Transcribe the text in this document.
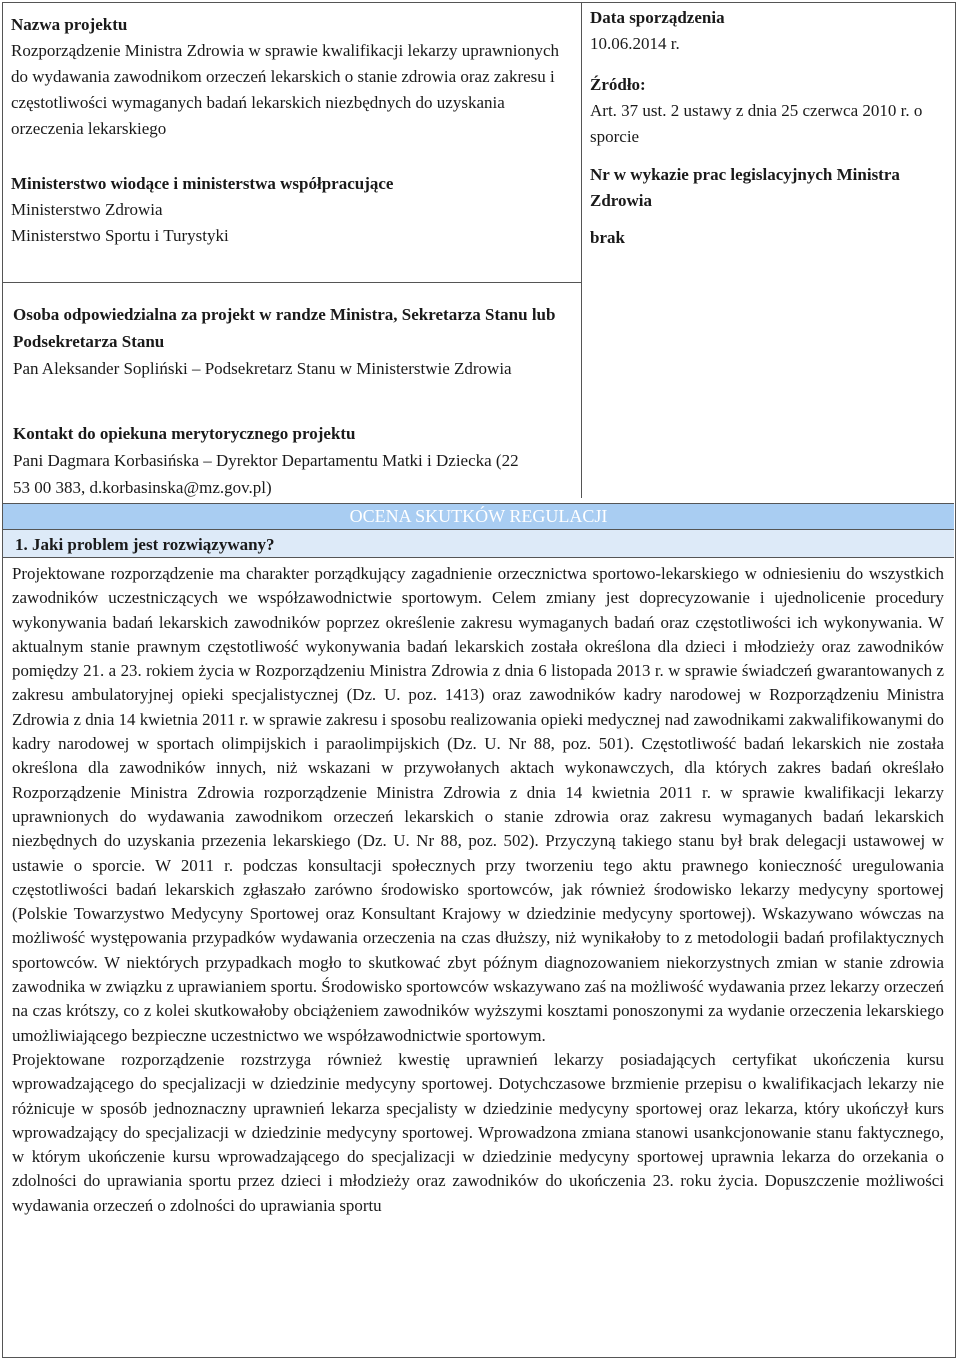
Nazwa projektu
Rozporządzenie Ministra Zdrowia w sprawie kwalifikacji lekarzy uprawnionych do wydawania zawodnikom orzeczeń lekarskich o stanie zdrowia oraz zakresu i częstotliwości wymaganych badań lekarskich niezbędnych do uzyskania orzeczenia lekarskiego
Ministerstwo wiodące i ministerstwa współpracujące
Ministerstwo Zdrowia
Ministerstwo Sportu i Turystyki
Data sporządzenia
10.06.2014 r.
Źródło:
Art. 37 ust. 2 ustawy z dnia 25 czerwca 2010 r. o sporcie
Nr w wykazie prac legislacyjnych Ministra Zdrowia
brak
Osoba odpowiedzialna za projekt w randze Ministra, Sekretarza Stanu lub Podsekretarza Stanu
Pan Aleksander Sopliński – Podsekretarz Stanu w Ministerstwie Zdrowia
Kontakt do opiekuna merytorycznego projektu
Pani Dagmara Korbasińska – Dyrektor Departamentu Matki i Dziecka (22 53 00 383, d.korbasinska@mz.gov.pl)
OCENA SKUTKÓW REGULACJI
1. Jaki problem jest rozwiązywany?

Projektowane rozporządzenie ma charakter porządkujący zagadnienie orzecznictwa sportowo-lekarskiego w odniesieniu do wszystkich zawodników uczestniczących we współzawodnictwie sportowym. Celem zmiany jest doprecyzowanie i ujednolicenie procedury wykonywania badań lekarskich zawodników poprzez określenie zakresu wymaganych badań oraz częstotliwości ich wykonywania. W aktualnym stanie prawnym częstotliwość wykonywania badań lekarskich została określona dla dzieci i młodzieży oraz zawodników pomiędzy 21. a 23. rokiem życia w Rozporządzeniu Ministra Zdrowia z dnia 6 listopada 2013 r. w sprawie świadczeń gwarantowanych z zakresu ambulatoryjnej opieki specjalistycznej (Dz. U. poz. 1413) oraz zawodników kadry narodowej w Rozporządzeniu Ministra Zdrowia z dnia 14 kwietnia 2011 r. w sprawie zakresu i sposobu realizowania opieki medycznej nad zawodnikami zakwalifikowanymi do kadry narodowej w sportach olimpijskich i paraolimpijskich (Dz. U. Nr 88, poz. 501). Częstotliwość badań lekarskich nie została określona dla zawodników innych, niż wskazani w przywołanych aktach wykonawczych, dla których zakres badań określało Rozporządzenie Ministra Zdrowia rozporządzenie Ministra Zdrowia z dnia 14 kwietnia 2011 r. w sprawie kwalifikacji lekarzy uprawnionych do wydawania zawodnikom orzeczeń lekarskich o stanie zdrowia oraz zakresu wymaganych badań lekarskich niezbędnych do uzyskania przezenia lekarskiego (Dz. U. Nr 88, poz. 502). Przyczyną takiego stanu był brak delegacji ustawowej w ustawie o sporcie. W 2011 r. podczas konsultacji społecznych przy tworzeniu tego aktu prawnego konieczność uregulowania częstotliwości badań lekarskich zgłaszało zarówno środowisko sportowców, jak również środowisko lekarzy medycyny sportowej (Polskie Towarzystwo Medycyny Sportowej oraz Konsultant Krajowy w dziedzinie medycyny sportowej). Wskazywano wówczas na możliwość występowania przypadków wydawania orzeczenia na czas dłuższy, niż wynikałoby to z metodologii badań profilaktycznych sportowców. W niektórych przypadkach mogło to skutkować zbyt późnym diagnozowaniem niekorzystnych zmian w stanie zdrowia zawodnika w związku z uprawianiem sportu. Środowisko sportowców wskazywano zaś na możliwość wydawania przez lekarzy orzeczeń na czas krótszy, co z kolei skutkowałoby obciążeniem zawodników wyższymi kosztami ponoszonymi za wydanie orzeczenia lekarskiego umożliwiającego bezpieczne uczestnictwo we współzawodnictwie sportowym.

Projektowane rozporządzenie rozstrzyga również kwestię uprawnień lekarzy posiadających certyfikat ukończenia kursu wprowadzającego do specjalizacji w dziedzinie medycyny sportowej. Dotychczasowe brzmienie przepisu o kwalifikacjach lekarzy nie różnicuje w sposób jednoznaczny uprawnień lekarza specjalisty w dziedzinie medycyny sportowej oraz lekarza, który ukończył kurs wprowadzający do specjalizacji w dziedzinie medycyny sportowej. Wprowadzona zmiana stanowi usankcjonowanie stanu faktycznego, w którym ukończenie kursu wprowadzającego do specjalizacji w dziedzinie medycyny sportowej uprawnia lekarza do orzekania o zdolności do uprawiania sportu przez dzieci i młodzieży oraz zawodników do ukończenia 23. roku życia. Dopuszczenie możliwości wydawania orzeczeń o zdolności do uprawiania sportu
